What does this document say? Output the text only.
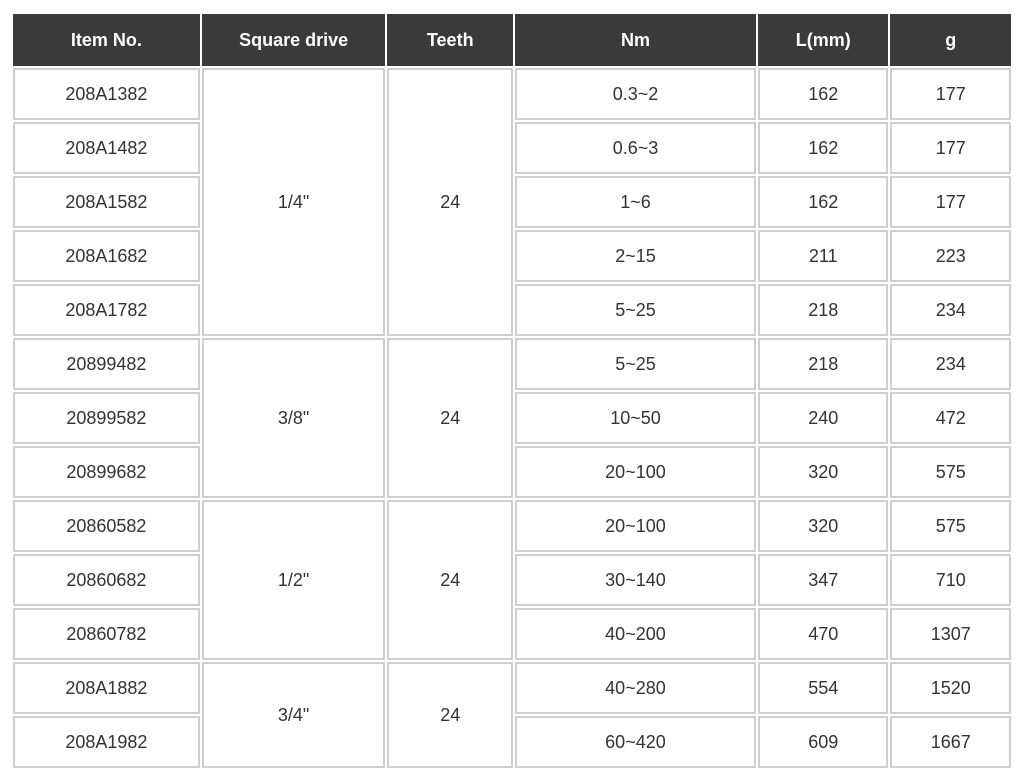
Item No.	Square drive	Teeth	Nm	L(mm)	g
208A1382	1/4"	24	0.3~2	162	177
208A1482			0.6~3	162	177
208A1582			1~6	162	177
208A1682			2~15	211	223
208A1782			5~25	218	234
20899482	3/8"	24	5~25	218	234
20899582			10~50	240	472
20899682			20~100	320	575
20860582	1/2"	24	20~100	320	575
20860682			30~140	347	710
20860782			40~200	470	1307
208A1882	3/4"	24	40~280	554	1520
208A1982			60~420	609	1667
